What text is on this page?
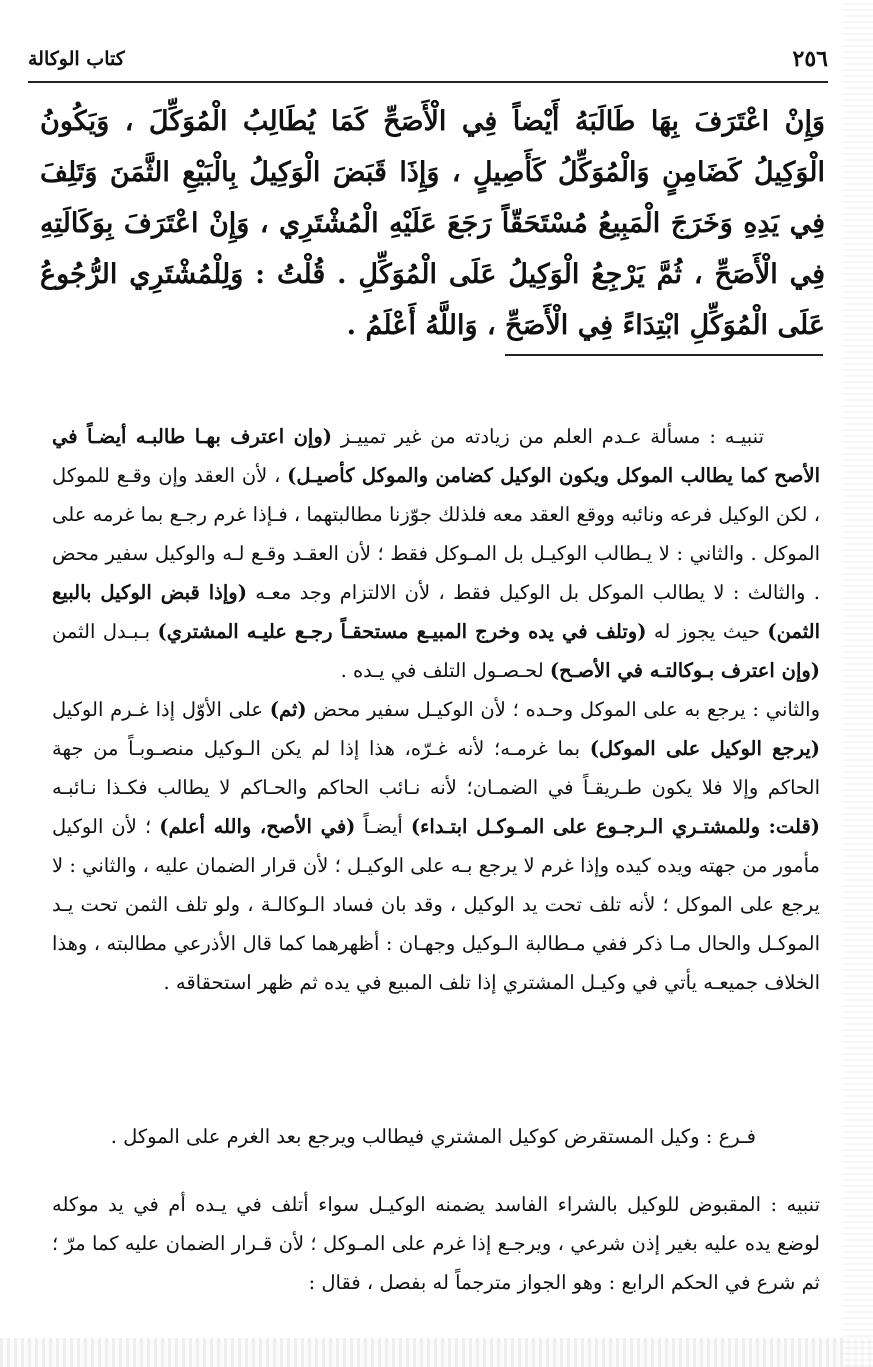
٢٥٦
كتاب الوكالة
وَإِنْ اعْتَرَفَ بِهَا طَالَبَهُ أَيْضاً فِي الْأَصَحِّ كَمَا يُطَالِبُ الْمُوَكِّلَ ، وَيَكُونُ الْوَكِيلُ كَضَامِنٍ وَالْمُوَكِّلُ كَأَصِيلٍ ، وَإِذَا قَبَضَ الْوَكِيلُ بِالْبَيْعِ الثَّمَنَ وَتَلِفَ فِي يَدِهِ وَخَرَجَ الْمَبِيعُ مُسْتَحَقّاً رَجَعَ عَلَيْهِ الْمُشْتَرِي ، وَإِنْ اعْتَرَفَ بِوَكَالَتِهِ فِي الْأَصَحِّ ، ثُمَّ يَرْجِعُ الْوَكِيلُ عَلَى الْمُوَكِّلِ . قُلْتُ : وَلِلْمُشْتَرِي الرُّجُوعُ عَلَى الْمُوَكِّلِ ابْتِدَاءً فِي الْأَصَحِّ ، وَاللَّهُ أَعْلَمُ .

تنبيـه : مسألة عـدم العلم من زيادته من غير تمييـز (وإن اعترف بهـا طالبـه أيضـاً في الأصح كما يطالب الموكل ويكون الوكيل كضامن والموكل كأصيـل) ، لأن العقد وإن وقـع للموكل ، لكن الوكيل فرعه ونائبه ووقع العقد معه فلذلك جوّزنا مطالبتهما ، فـإذا غرم رجـع بما غرمه على الموكل . والثاني : لا يـطالب الوكيـل بل المـوكل فقط ؛ لأن العقـد وقـع لـه والوكيل سفير محض . والثالث : لا يطالب الموكل بل الوكيل فقط ، لأن الالتزام وجد معـه (وإذا قبض الوكيل بالبيع الثمن) حيث يجوز له (وتلف في يده وخرج المبيـع مستحقـاً رجـع عليـه المشتري) بـبـدل الثمن (وإن اعترف بـوكالتـه في الأصـح) لحـصـول التلف في يـده .

والثاني : يرجع به على الموكل وحـده ؛ لأن الوكيـل سفير محض (ثم) على الأوّل إذا غـرم الوكيل (يرجع الوكيل على الموكل) بما غرمـه؛ لأنه غـرّه، هذا إذا لم يكن الـوكيل منصـوبـاً من جهة الحاكم وإلا فلا يكون طـريقـاً في الضمـان؛ لأنه نـائب الحاكم والحـاكم لا يطالب فكـذا نـائبـه (قلت: وللمشتـري الـرجـوع على المـوكـل ابتـداء) أيضـاً (في الأصح، والله أعلم) ؛ لأن الوكيل مأمور من جهته ويده كيده وإذا غرم لا يرجع بـه على الوكيـل ؛ لأن قرار الضمان عليه ، والثاني : لا يرجع على الموكل ؛ لأنه تلف تحت يد الوكيل ، وقد بان فساد الـوكالـة ، ولو تلف الثمن تحت يـد الموكـل والحال مـا ذكر ففي مـطالبة الـوكيل وجهـان : أظهرهما كما قال الأذرعي مطالبته ، وهذا الخلاف جميعـه يأتي في وكيـل المشتري إذا تلف المبيع في يده ثم ظهر استحقاقه .

فـرع : وكيل المستقرض كوكيل المشتري فيطالب ويرجع بعد الغرم على الموكل .

تنبيه : المقبوض للوكيل بالشراء الفاسد يضمنه الوكيـل سواء أتلف في يـده أم في يد موكله لوضع يده عليه بغير إذن شرعي ، ويرجـع إذا غرم على المـوكل ؛ لأن قـرار الضمان عليه كما مرّ ؛ ثم شرع في الحكم الرابع : وهو الجواز مترجماً له بفصل ، فقال :
